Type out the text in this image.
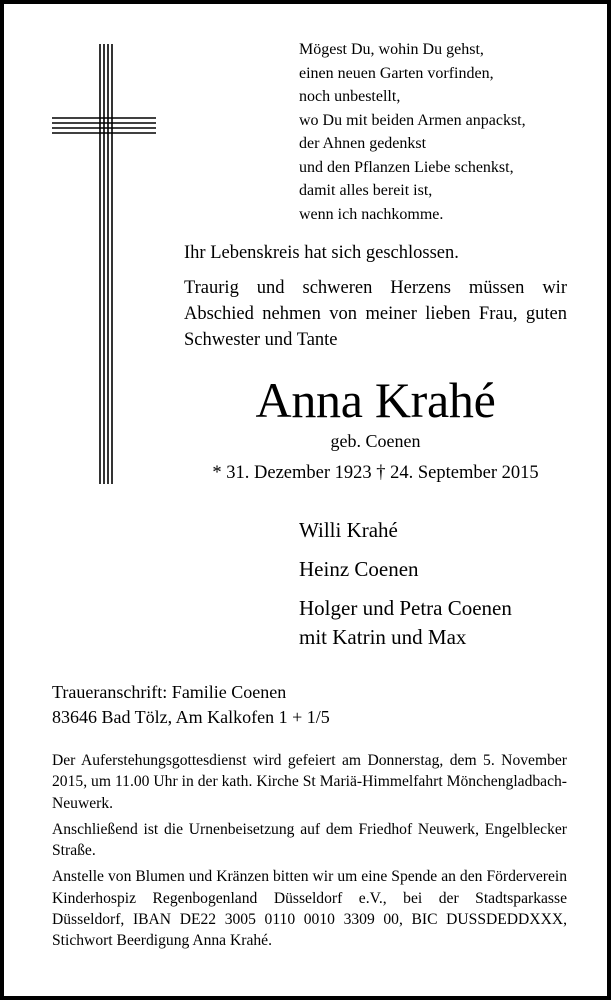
Mögest Du, wohin Du gehst,
einen neuen Garten vorfinden,
noch unbestellt,
wo Du mit beiden Armen anpackst,
der Ahnen gedenkst
und den Pflanzen Liebe schenkst,
damit alles bereit ist,
wenn ich nachkomme.

Ihr Lebenskreis hat sich geschlossen.

Traurig und schweren Herzens müssen wir Abschied nehmen von meiner lieben Frau, guten Schwester und Tante

Anna Krahé
geb. Coenen
* 31. Dezember 1923 † 24. September 2015
Willi Krahé
Heinz Coenen
Holger und Petra Coenen
mit Katrin und Max
Traueranschrift: Familie Coenen
83646 Bad Tölz, Am Kalkofen 1 + 1/5

Der Auferstehungsgottesdienst wird gefeiert am Donnerstag, dem 5. November 2015, um 11.00 Uhr in der kath. Kirche St Mariä-Himmelfahrt Mönchengladbach-Neuwerk.

Anschließend ist die Urnenbeisetzung auf dem Friedhof Neuwerk, Engelblecker Straße.

Anstelle von Blumen und Kränzen bitten wir um eine Spende an den Förderverein Kinderhospiz Regenbogenland Düsseldorf e.V., bei der Stadtsparkasse Düsseldorf, IBAN DE22 3005 0110 0010 3309 00, BIC DUSSDEDDXXX, Stichwort Beerdigung Anna Krahé.
